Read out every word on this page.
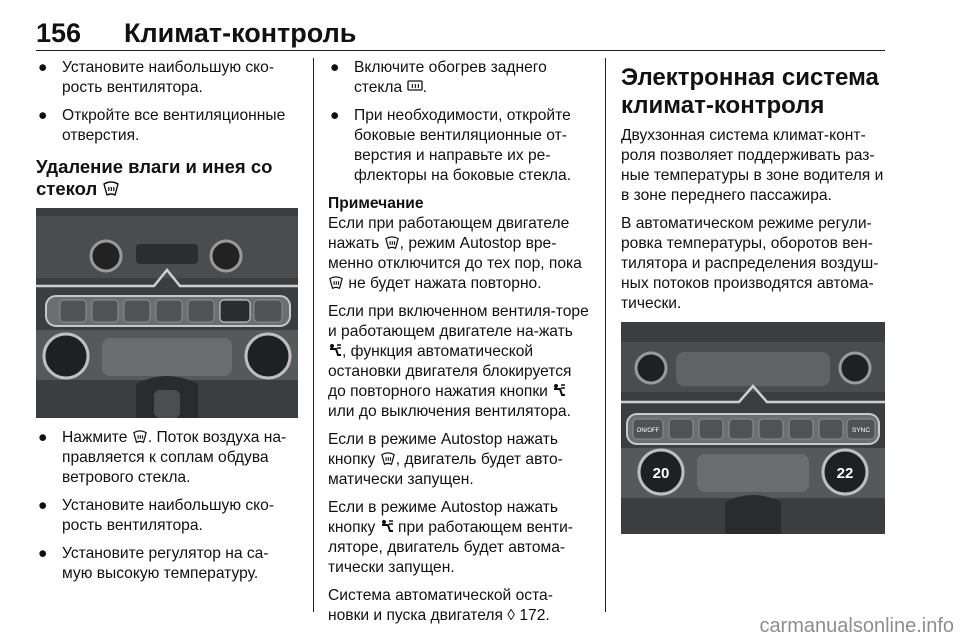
156	Климат-контроль
● Установите наибольшую ско-рость вентилятора.
● Откройте все вентиляционные отверстия.
Удаление влаги и инея со стекол
● Нажмите . Поток воздуха на-правляется к соплам обдува ветрового стекла.
● Установите наибольшую ско-рость вентилятора.
● Установите регулятор на са-мую высокую температуру.
● Включите обогрев заднего стекла .
● При необходимости, откройте боковые вентиляционные от-верстия и направьте их ре-флекторы на боковые стекла.

Примечание

Если при работающем двигателе нажать , режим Autostop вре-менно отключится до тех пор, пока  не будет нажата повторно.

Если при включенном вентиля-торе и работающем двигателе на-жать , функция автоматической остановки двигателя блокируется до повторного нажатия кнопки  или до выключения вентилятора.

Если в режиме Autostop нажать кнопку , двигатель будет авто-матически запущен.

Если в режиме Autostop нажать кнопку при работающем венти-ляторе, двигатель будет автома-тически запущен.

Система автоматической оста-новки и пуска двигателя ◊ 172.

Электронная система климат-контроля

Двухзонная система климат-конт-роля позволяет поддерживать раз-ные температуры в зоне водителя и в зоне переднего пассажира.

В автоматическом режиме регули-ровка температуры, оборотов вен-тилятора и распределения воздуш-ных потоков производятся автома-тически.

ON/OFF	SYNC
20	22
carmanualsonline.info
